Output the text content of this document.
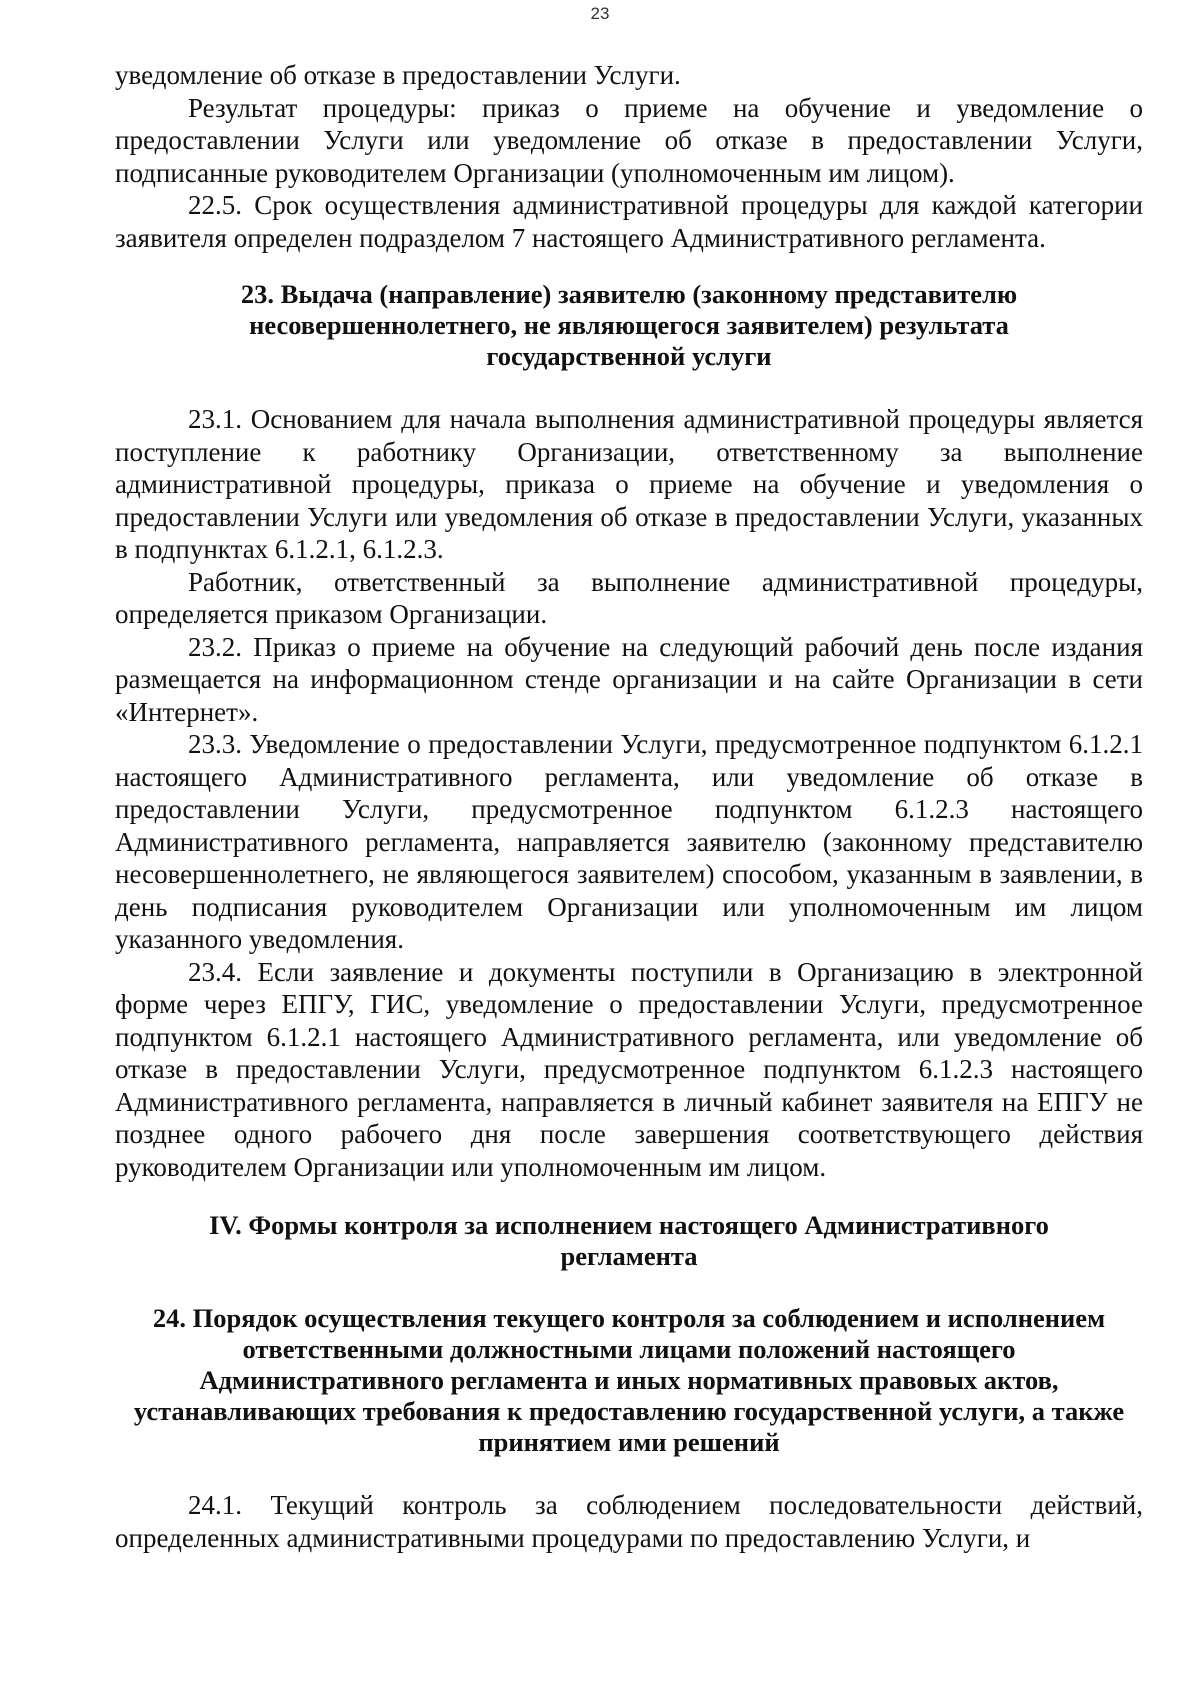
23

уведомление об отказе в предоставлении Услуги.

Результат процедуры: приказ о приеме на обучение и уведомление о предоставлении Услуги или уведомление об отказе в предоставлении Услуги, подписанные руководителем Организации (уполномоченным им лицом).

22.5. Срок осуществления административной процедуры для каждой категории заявителя определен подразделом 7 настоящего Административного регламента.

23. Выдача (направление) заявителю (законному представителю несовершеннолетнего, не являющегося заявителем) результата государственной услуги

23.1. Основанием для начала выполнения административной процедуры является поступление к работнику Организации, ответственному за выполнение административной процедуры, приказа о приеме на обучение и уведомления о предоставлении Услуги или уведомления об отказе в предоставлении Услуги, указанных в подпунктах 6.1.2.1, 6.1.2.3.

Работник, ответственный за выполнение административной процедуры, определяется приказом Организации.

23.2. Приказ о приеме на обучение на следующий рабочий день после издания размещается на информационном стенде организации и на сайте Организации в сети «Интернет».

23.3. Уведомление о предоставлении Услуги, предусмотренное подпунктом 6.1.2.1 настоящего Административного регламента, или уведомление об отказе в предоставлении Услуги, предусмотренное подпунктом 6.1.2.3 настоящего Административного регламента, направляется заявителю (законному представителю несовершеннолетнего, не являющегося заявителем) способом, указанным в заявлении, в день подписания руководителем Организации или уполномоченным им лицом указанного уведомления.

23.4. Если заявление и документы поступили в Организацию в электронной форме через ЕПГУ, ГИС, уведомление о предоставлении Услуги, предусмотренное подпунктом 6.1.2.1 настоящего Административного регламента, или уведомление об отказе в предоставлении Услуги, предусмотренное подпунктом 6.1.2.3 настоящего Административного регламента, направляется в личный кабинет заявителя на ЕПГУ не позднее одного рабочего дня после завершения соответствующего действия руководителем Организации или уполномоченным им лицом.

IV. Формы контроля за исполнением настоящего Административного регламента
24. Порядок осуществления текущего контроля за соблюдением и исполнением ответственными должностными лицами положений настоящего Административного регламента и иных нормативных правовых актов, устанавливающих требования к предоставлению государственной услуги, а также принятием ими решений

24.1. Текущий контроль за соблюдением последовательности действий, определенных административными процедурами по предоставлению Услуги, и
